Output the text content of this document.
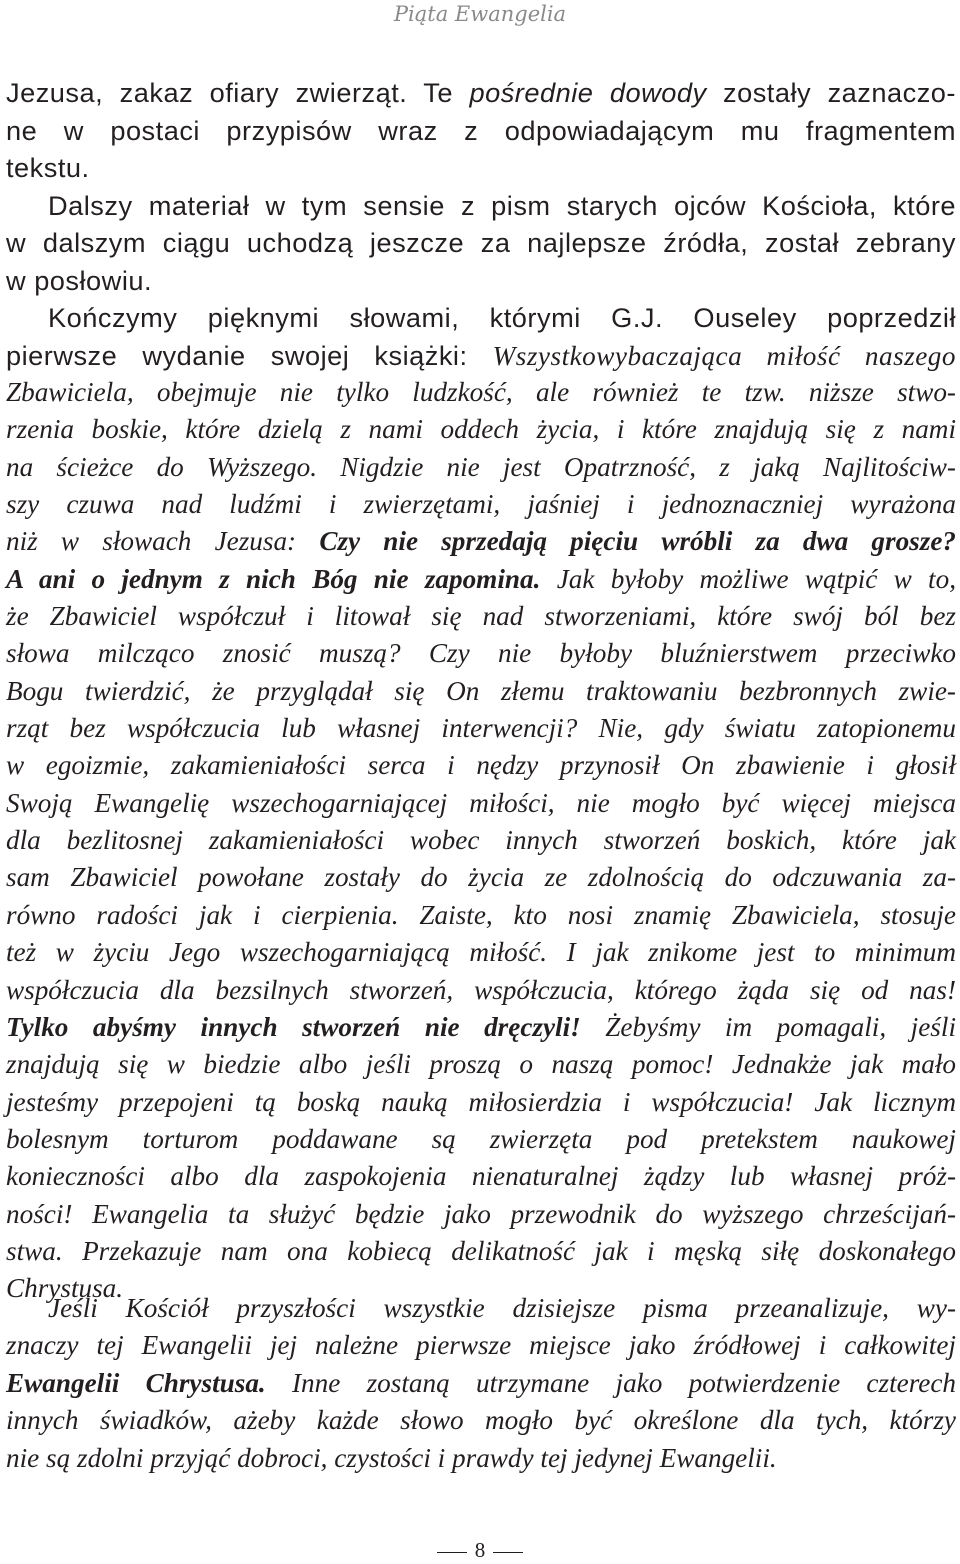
Piąta Ewangelia
Jezusa, zakaz ofiary zwierząt. Te pośrednie dowody zostały zaznaczo-
ne w postaci przypisów wraz z odpowiadającym mu fragmentem
tekstu.
Dalszy materiał w tym sensie z pism starych ojców Kościoła, które
w dalszym ciągu uchodzą jeszcze za najlepsze źródła, został zebrany
w posłowiu.
Kończymy pięknymi słowami, którymi G.J. Ouseley poprzedził
pierwsze wydanie swojej książki: Wszystkowybaczająca miłość naszego
Zbawiciela, obejmuje nie tylko ludzkość, ale również te tzw. niższe stwo-
rzenia boskie, które dzielą z nami oddech życia, i które znajdują się z nami
na ścieżce do Wyższego. Nigdzie nie jest Opatrzność, z jaką Najlitościw-
szy czuwa nad ludźmi i zwierzętami, jaśniej i jednoznaczniej wyrażona
niż w słowach Jezusa: Czy nie sprzedają pięciu wróbli za dwa grosze?
A ani o jednym z nich Bóg nie zapomina. Jak byłoby możliwe wątpić w to,
że Zbawiciel współczuł i litował się nad stworzeniami, które swój ból bez
słowa milcząco znosić muszą? Czy nie byłoby bluźnierstwem przeciwko
Bogu twierdzić, że przyglądał się On złemu traktowaniu bezbronnych zwie-
rząt bez współczucia lub własnej interwencji? Nie, gdy światu zatopionemu
w egoizmie, zakamieniałości serca i nędzy przynosił On zbawienie i głosił
Swoją Ewangelię wszechogarniającej miłości, nie mogło być więcej miejsca
dla bezlitosnej zakamieniałości wobec innych stworzeń boskich, które jak
sam Zbawiciel powołane zostały do życia ze zdolnością do odczuwania za-
równo radości jak i cierpienia. Zaiste, kto nosi znamię Zbawiciela, stosuje
też w życiu Jego wszechogarniającą miłość. I jak znikome jest to minimum
współczucia dla bezsilnych stworzeń, współczucia, którego żąda się od nas!
Tylko abyśmy innych stworzeń nie dręczyli! Żebyśmy im pomagali, jeśli
znajdują się w biedzie albo jeśli proszą o naszą pomoc! Jednakże jak mało
jesteśmy przepojeni tą boską nauką miłosierdzia i współczucia! Jak licznym
bolesnym torturom poddawane są zwierzęta pod pretekstem naukowej
konieczności albo dla zaspokojenia nienaturalnej żądzy lub własnej próż-
ności! Ewangelia ta służyć będzie jako przewodnik do wyższego chrześcijań-
stwa. Przekazuje nam ona kobiecą delikatność jak i męską siłę doskonałego
Chrystusa.
Jeśli Kościół przyszłości wszystkie dzisiejsze pisma przeanalizuje, wy-
znaczy tej Ewangelii jej należne pierwsze miejsce jako źródłowej i całkowitej
Ewangelii Chrystusa. Inne zostaną utrzymane jako potwierdzenie czterech
innych świadków, ażeby każde słowo mogło być określone dla tych, którzy
nie są zdolni przyjąć dobroci, czystości i prawdy tej jedynej Ewangelii.
8
